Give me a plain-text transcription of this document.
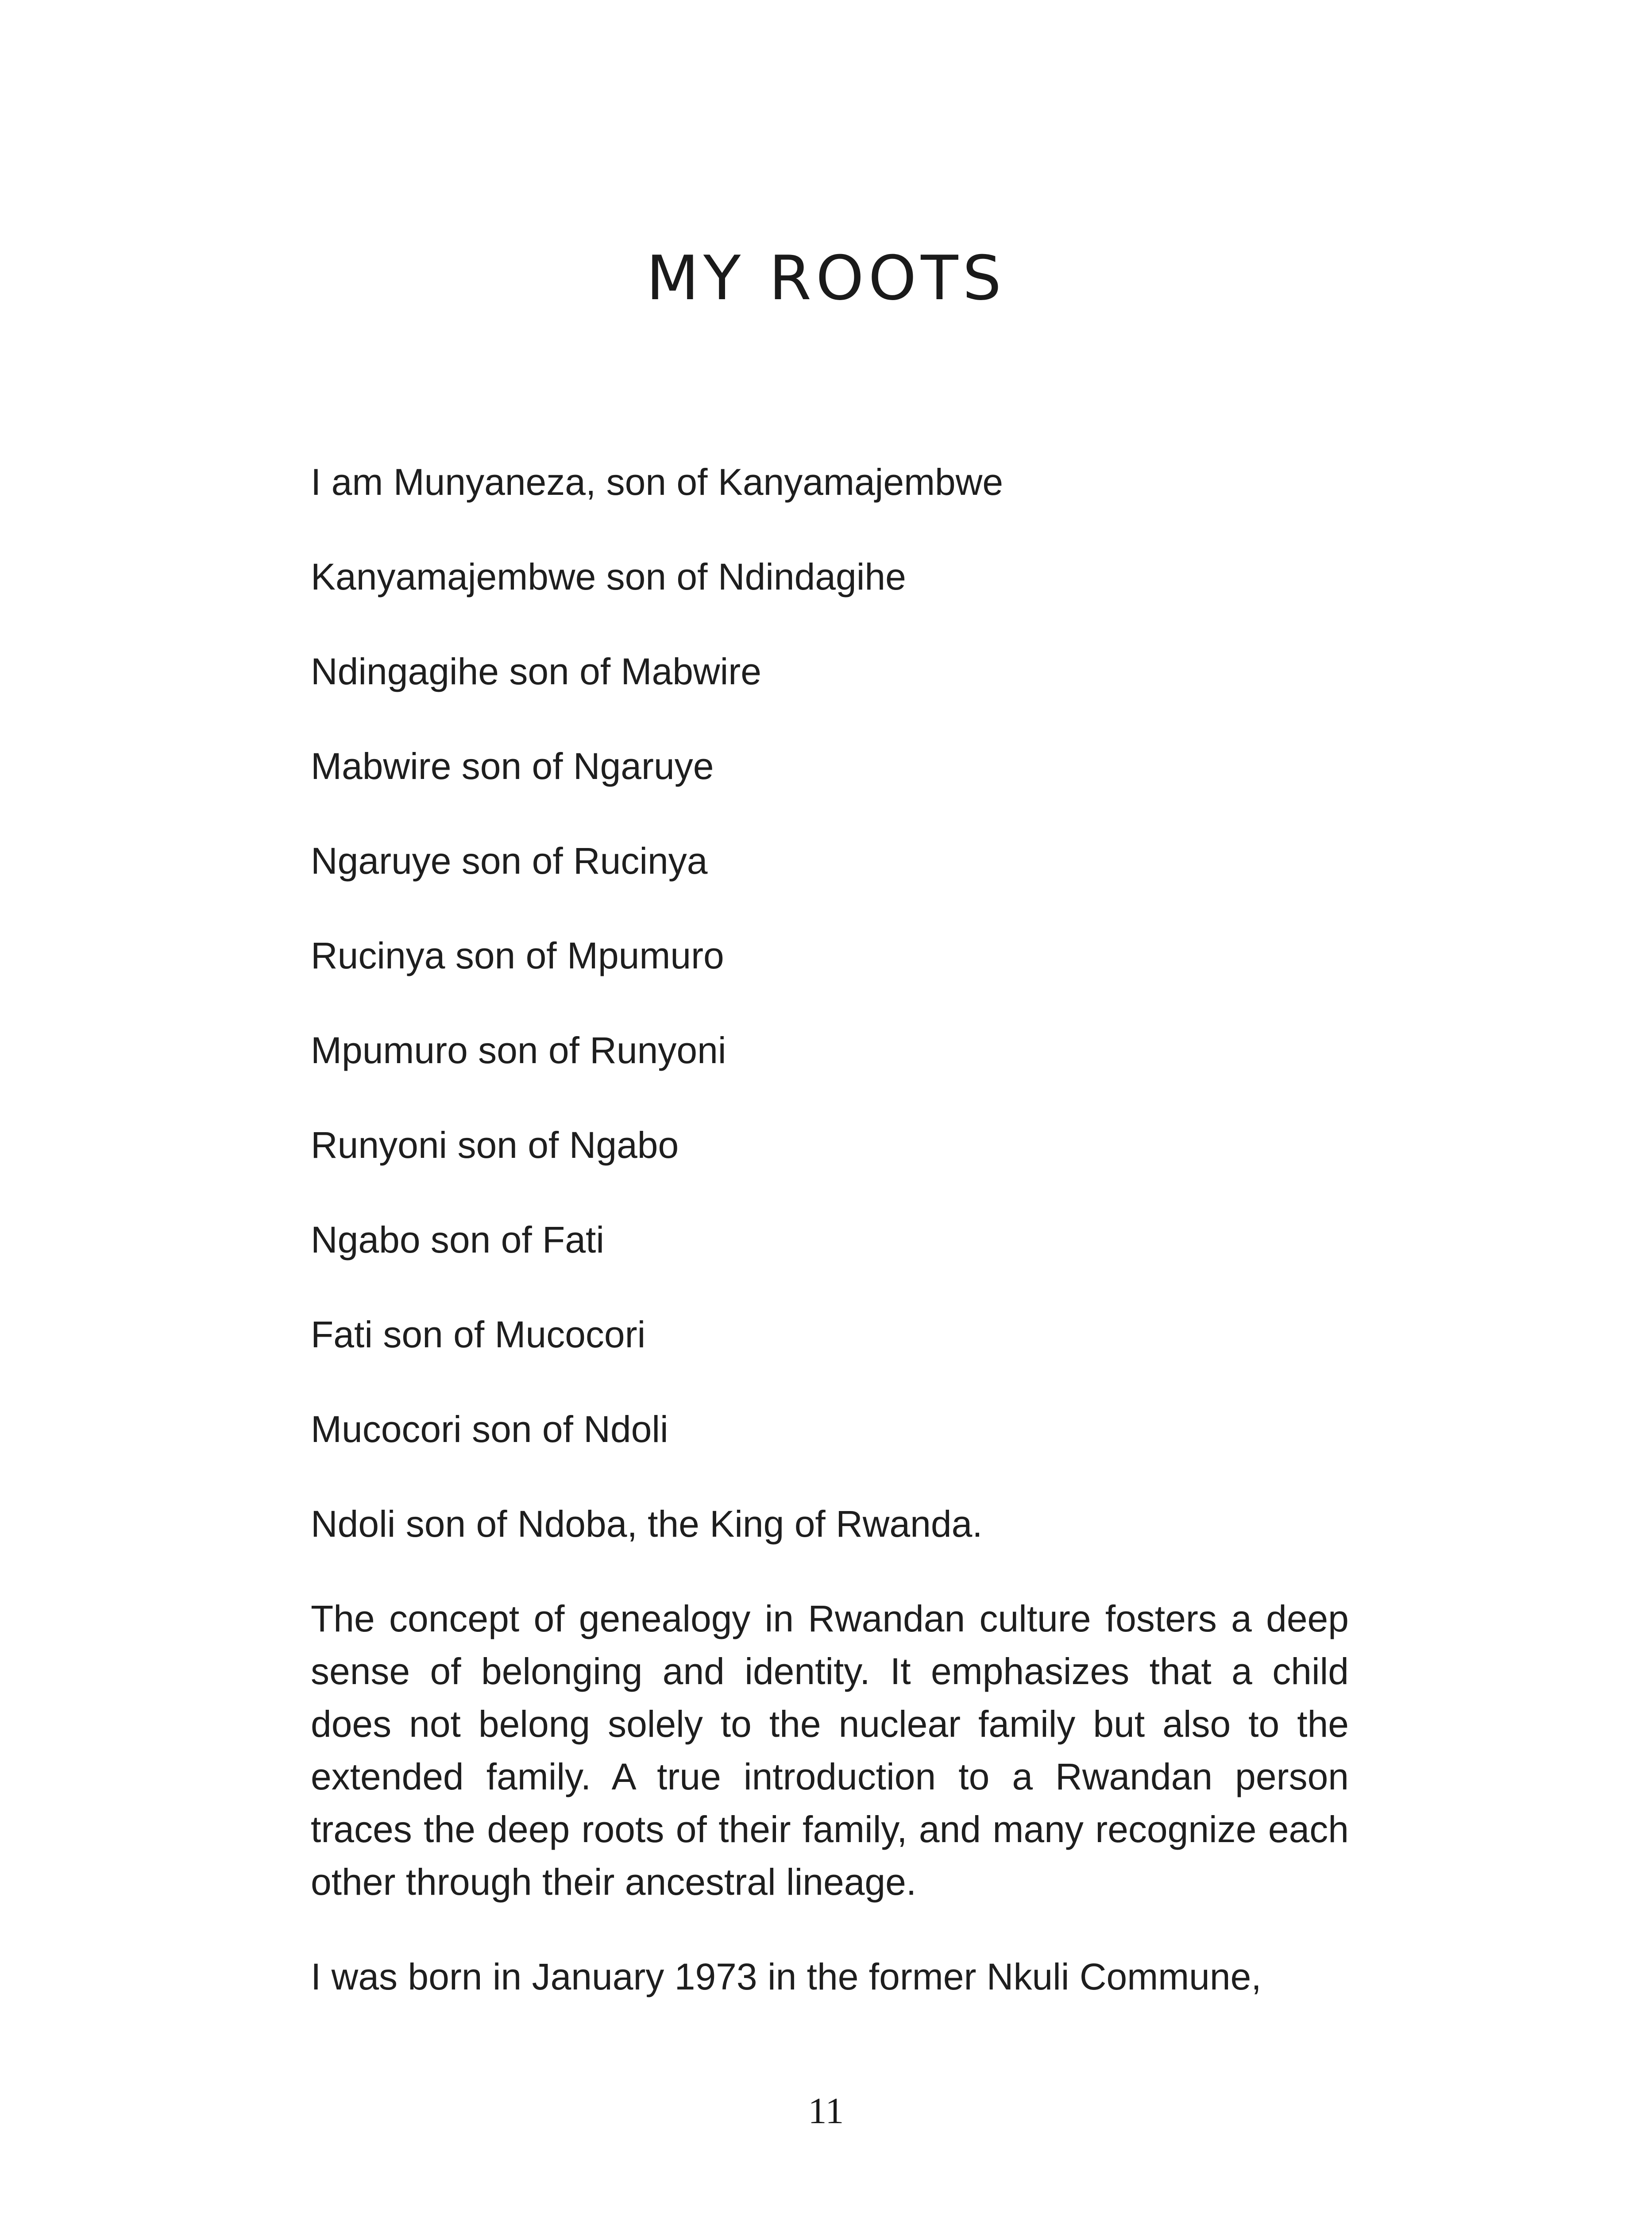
MY ROOTS

I am Munyaneza, son of Kanyamajembwe

Kanyamajembwe son of Ndindagihe

Ndingagihe son of Mabwire

Mabwire son of Ngaruye

Ngaruye son of Rucinya

Rucinya son of Mpumuro

Mpumuro son of Runyoni

Runyoni son of Ngabo

Ngabo son of Fati

Fati son of Mucocori

Mucocori son of Ndoli

Ndoli son of Ndoba, the King of Rwanda.

The concept of genealogy in Rwandan culture fosters a deep sense of belonging and identity. It emphasizes that a child does not belong solely to the nuclear family but also to the extended family. A true introduction to a Rwandan person traces the deep roots of their family, and many recognize each other through their ancestral lineage.

I was born in January 1973 in the former Nkuli Commune,

11
